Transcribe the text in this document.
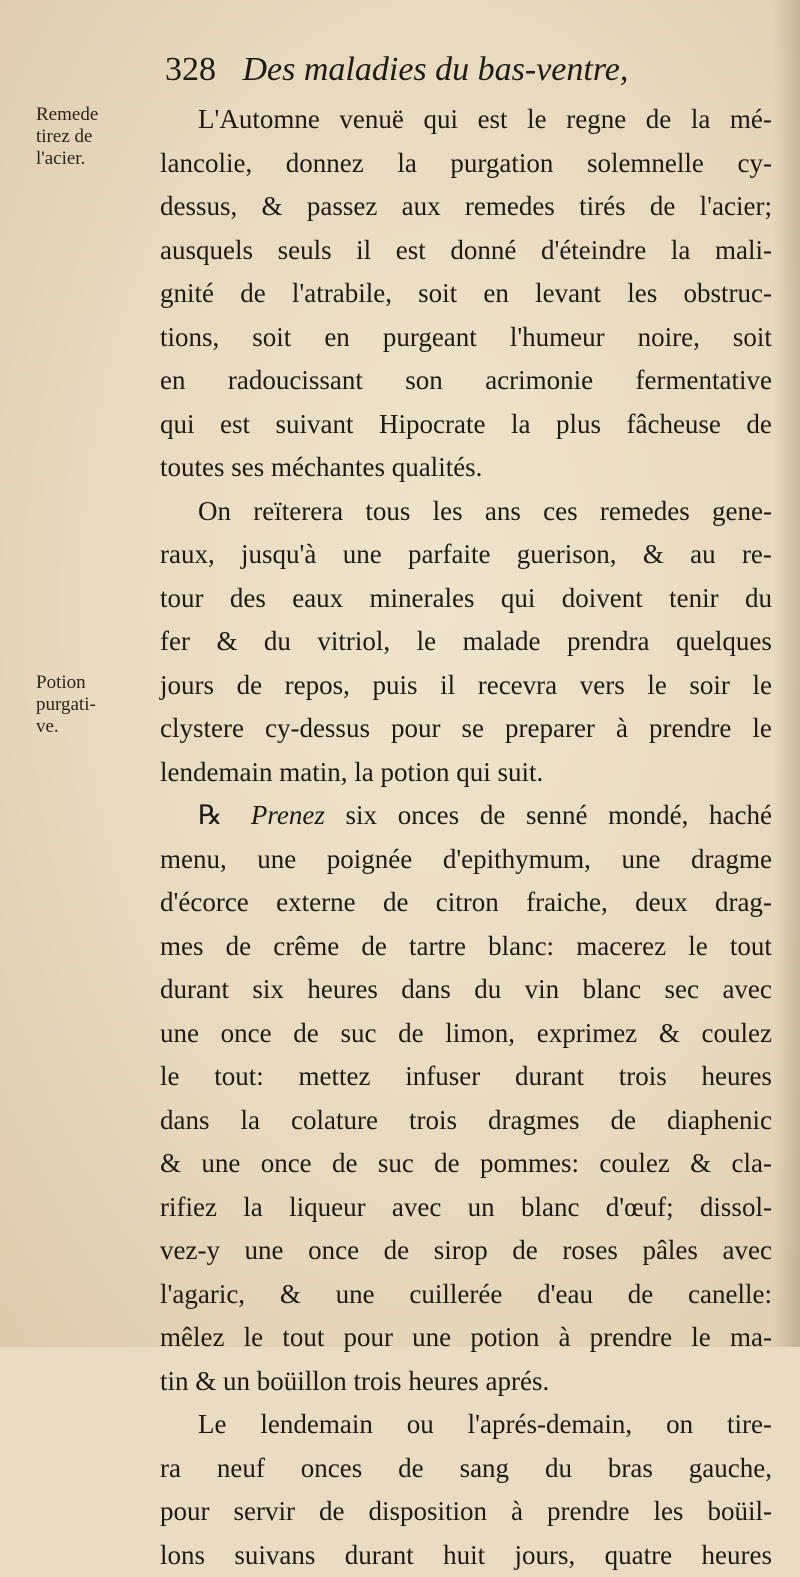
328 Des maladies du bas-ventre,
Remede
tirez de
l'acier.
Potion
purgati-
ve.
L'Automne venuë qui est le regne de la mé-
lancolie, donnez la purgation solemnelle cy-
dessus, & passez aux remedes tirés de l'acier;
ausquels seuls il est donné d'éteindre la mali-
gnité de l'atrabile, soit en levant les obstruc-
tions, soit en purgeant l'humeur noire, soit
en radoucissant son acrimonie fermentative
qui est suivant Hipocrate la plus fâcheuse de
toutes ses méchantes qualités.
On reïterera tous les ans ces remedes gene-
raux, jusqu'à une parfaite guerison, & au re-
tour des eaux minerales qui doivent tenir du
fer & du vitriol, le malade prendra quelques
jours de repos, puis il recevra vers le soir le
clystere cy-dessus pour se preparer à prendre le
lendemain matin, la potion qui suit.
℞ Prenez six onces de senné mondé, haché
menu, une poignée d'epithymum, une dragme
d'écorce externe de citron fraiche, deux drag-
mes de crême de tartre blanc: macerez le tout
durant six heures dans du vin blanc sec avec
une once de suc de limon, exprimez & coulez
le tout: mettez infuser durant trois heures
dans la colature trois dragmes de diaphenic
& une once de suc de pommes: coulez & cla-
rifiez la liqueur avec un blanc d'œuf; dissol-
vez-y une once de sirop de roses pâles avec
l'agaric, & une cuillerée d'eau de canelle:
mêlez le tout pour une potion à prendre le ma-
tin & un boüillon trois heures aprés.
Le lendemain ou l'aprés-demain, on tire-
ra neuf onces de sang du bras gauche,
pour servir de disposition à prendre les boüil-
lons suivans durant huit jours, quatre heures
